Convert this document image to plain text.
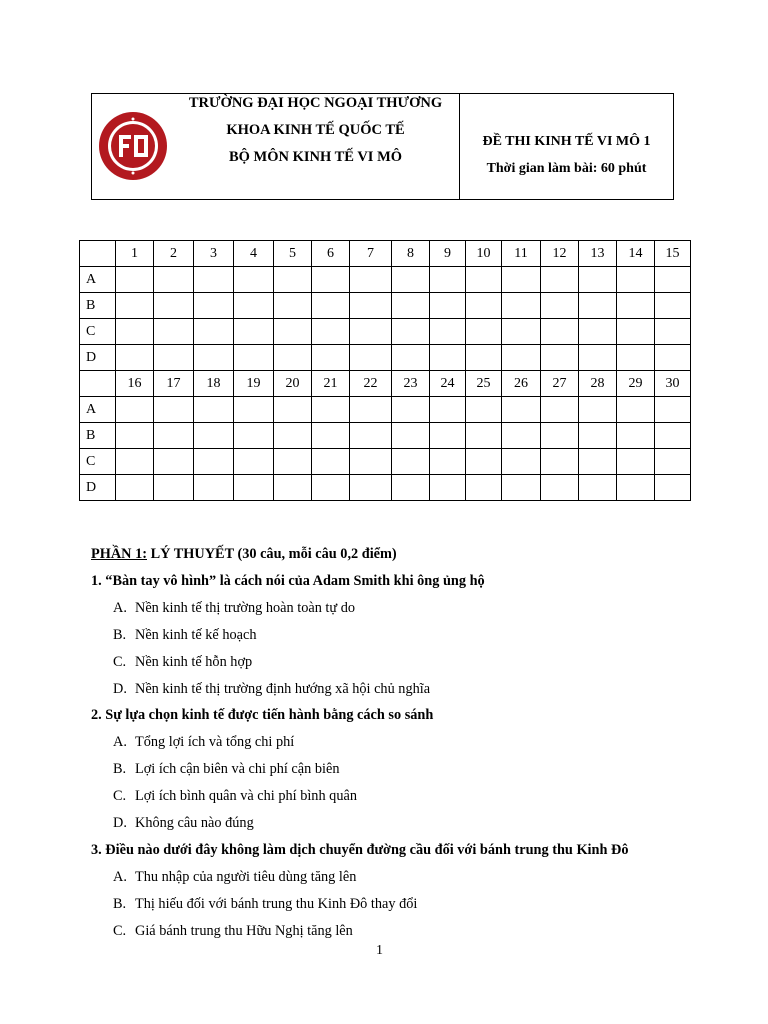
TRƯỜNG ĐẠI HỌC NGOẠI THƯƠNG
KHOA KINH TẾ QUỐC TẾ
BỘ MÔN KINH TẾ VI MÔ
ĐỀ THI KINH TẾ VI MÔ 1
Thời gian làm bài: 60 phút
	1	2	3	4	5	6	7	8	9	10	11	12	13	14	15
A															
B															
C															
D															
	16	17	18	19	20	21	22	23	24	25	26	27	28	29	30
A															
B															
C															
D															
PHẦN 1: LÝ THUYẾT (30 câu, mỗi câu 0,2 điểm)
1. “Bàn tay vô hình” là cách nói của Adam Smith khi ông ủng hộ
A. Nền kinh tế thị trường hoàn toàn tự do
B. Nền kinh tế kế hoạch
C. Nền kinh tế hỗn hợp
D. Nền kinh tế thị trường định hướng xã hội chủ nghĩa
2. Sự lựa chọn kinh tế được tiến hành bằng cách so sánh
A. Tổng lợi ích và tổng chi phí
B. Lợi ích cận biên và chi phí cận biên
C. Lợi ích bình quân và chi phí bình quân
D. Không câu nào đúng
3. Điều nào dưới đây không làm dịch chuyển đường cầu đối với bánh trung thu Kinh Đô
A. Thu nhập của người tiêu dùng tăng lên
B. Thị hiếu đối với bánh trung thu Kinh Đô thay đổi
C. Giá bánh trung thu Hữu Nghị tăng lên
1
